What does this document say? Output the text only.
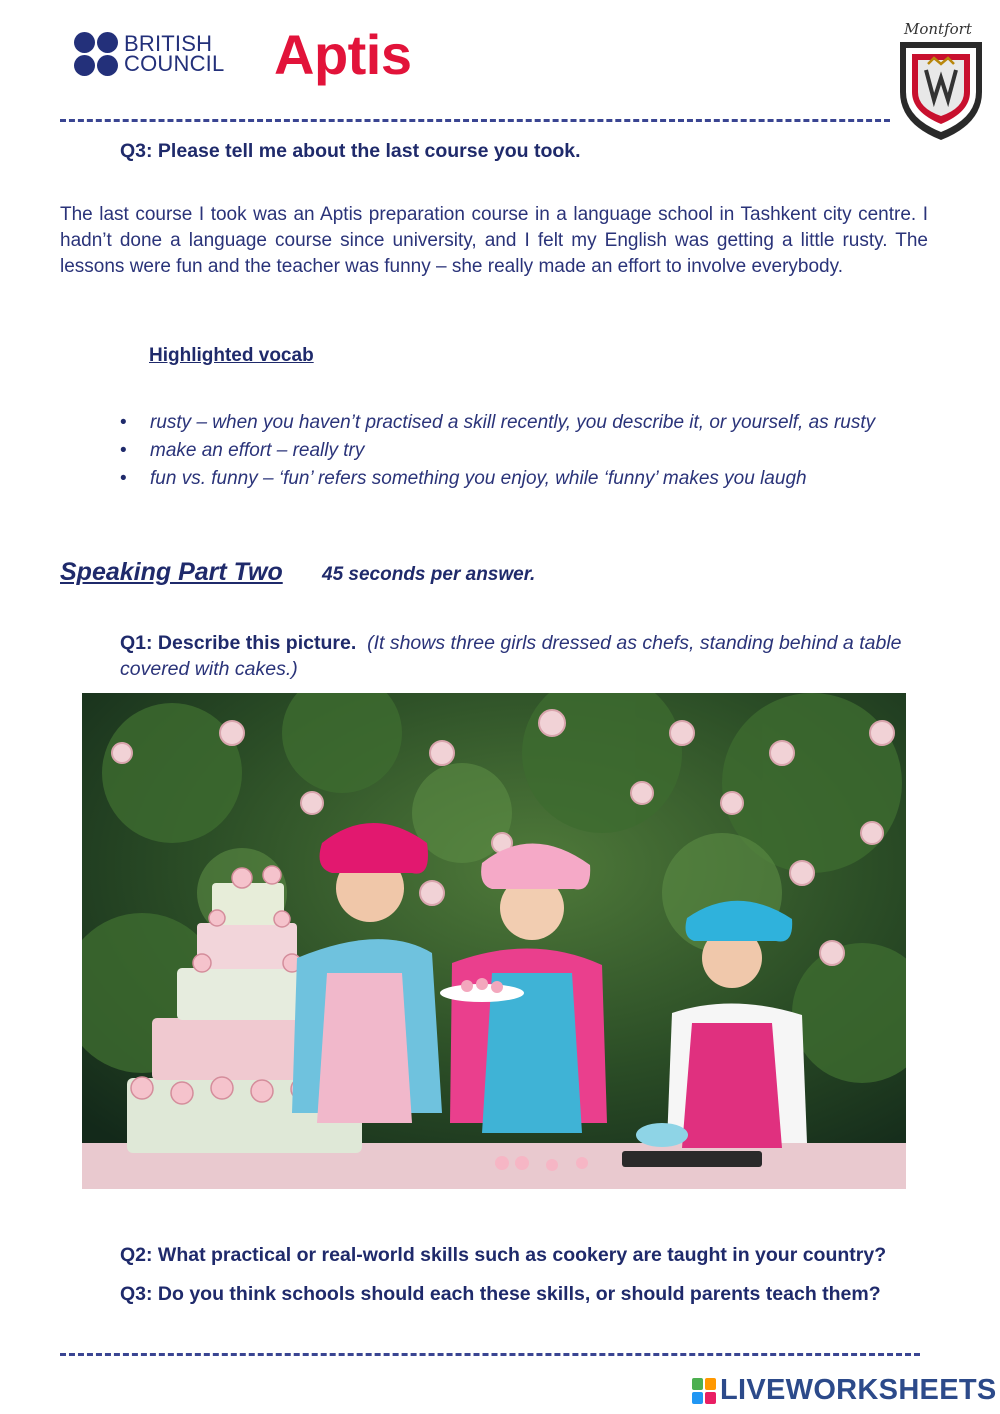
BRITISH
COUNCIL Aptis	Montfort
Q3: Please tell me about the last course you took.
The last course I took was an Aptis preparation course in a language school in Tashkent city centre. I hadn’t done a language course since university, and I felt my English was getting a little rusty. The lessons were fun and the teacher was funny – she really made an effort to involve everybody.
Highlighted vocab
• rusty – when you haven’t practised a skill recently, you describe it, or yourself, as rusty
• make an effort – really try
• fun vs. funny – ‘fun’ refers something you enjoy, while ‘funny’ makes you laugh
Speaking Part Two 45 seconds per answer.
Q1: Describe this picture. (It shows three girls dressed as chefs, standing behind a table covered with cakes.)
Q2: What practical or real-world skills such as cookery are taught in your country?
Q3: Do you think schools should each these skills, or should parents teach them?
LIVEWORKSHEETS
